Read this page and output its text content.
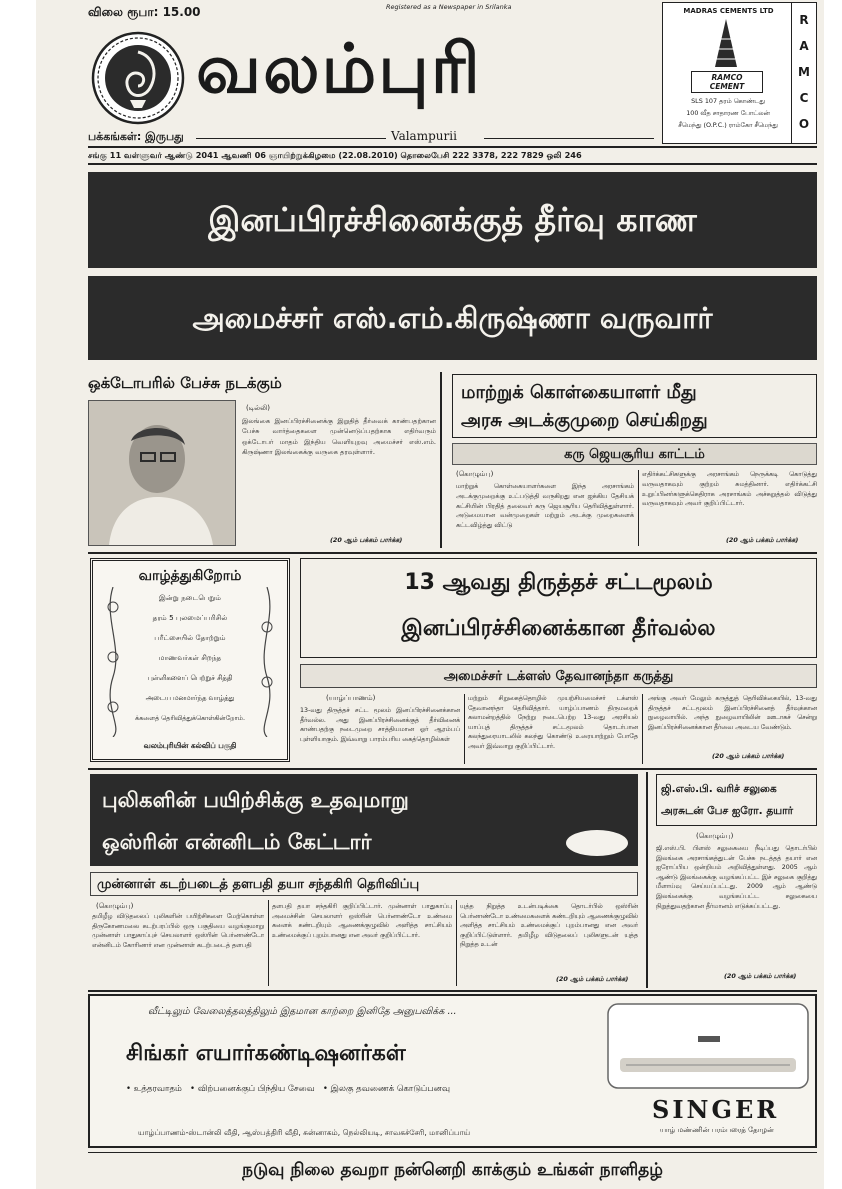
விலை ரூபா: 15.00	Registered as a Newspaper in Srilanka
வலம்புரி
பக்கங்கள்: இருபது	Valampurii
MADRAS CEMENTS LTD
RAMCO CEMENT
SLS 107 தரம் கொண்டது
100 வீத சாதாரண போட்லன்
சீமெந்து (O.P.C.) ராம்கோ சீமெந்து
R
A
M
C
O
சங்கு 11 வள்ளுவர் ஆண்டு 2041 ஆவணி 06 ஞாயிற்றுக்கிழமை (22.08.2010) தொலைபேசி 222 3378, 222 7829 ஒலி 246
இனப்பிரச்சினைக்குத் தீர்வு காண
அமைச்சர் எஸ்.எம்.கிருஷ்ணா வருவார்
ஒக்டோபரில் பேச்சு நடக்கும்
(டில்லி)
இலங்கை இனப்பிரச்சினைக்கு இறுதித் தீர்வைக் காண்பதற்கான பேச்சு வார்த்தைகளை முன்னெடுப்பதற்காக எதிர்வரும் ஒக்டோபர் மாதம் இந்திய வெளியுறவு அமைச்சர் எஸ்.எம். கிருஷ்ணா இலங்கைக்கு வருகை தரவுள்ளார்.
(20 ஆம் பக்கம் பார்க்க)
மாற்றுக் கொள்கையாளர் மீது
அரசு அடக்குமுறை செய்கிறது
கரு ஜெயசூரிய காட்டம்
(கொழும்பு)
மாற்றுக் கொள்கையாளர்களை இந்த அரசாங்கம் அடக்குமுறைக்கு உட்படுத்தி வருகிறது என ஐக்கிய தேசியக் கட்சியின் பிரதித் தலைவர் கரு ஜெயசூரிய தெரிவித்துள்ளார். அடுமையான வன்முறைகள் மற்றும் அடக்கு முறைகளைக் கட்டவிழ்த்து விட்டு
எதிர்க்கட்சிகளுக்கு அரசாங்கம் நெருக்கடி கொடுத்து வருவதாகவும் குற்றம் சுமத்தினார். எதிர்க்கட்சி உறுப்பினர்களுக்கெதிராக அரசாங்கம் அச்சுறுத்தல் விடுத்து வருவதாகவும் அவர் குறிப்பிட்டார்.
(20 ஆம் பக்கம் பார்க்க)
வாழ்த்துகிறோம்
இன்று நடைபெறும்
தரம் 5 புலமைப்பரிசில்
பரீட்சையில் தோற்றும்
மாணவர்கள் சிறந்த
புள்ளிகளைப் பெற்றுச் சித்தி
அடைய மனமார்ந்த வாழ்த்து
க்களைத் தெரிவித்துக்கொள்கின்றோம்.
வலம்புரியின் கல்விப் பகுதி
13 ஆவது திருத்தச் சட்டமூலம்
இனப்பிரச்சினைக்கான தீர்வல்ல
அமைச்சர் டக்ளஸ் தேவானந்தா கருத்து
(யாழ்ப்பாணம்)
13-வது திருத்தச் சட்ட மூலம் இனப்பிரச்சினைக்கான தீர்வல்ல. அது இனப்பிரச்சினைக்குத் தீர்வினைக் காண்பதற்கு நடைமுறை சாத்தியமான ஓர் ஆரம்பப் புள்ளியாகும். இவ்வாறு பாரம்பரிய கைத்தொழில்கள்
மற்றும் சிறுகைத்தொழில் முயற்சியமைச்சர் டக்ளஸ் தேவானந்தா தெரிவித்தார். யாழ்ப்பாணம் திருமறைக் கலாமன்றத்தில் நேற்று நடைபெற்ற 13-வது அரசியல் யாப்புத் திருத்தச் சட்டமூலம் தொடர்பான கலந்துரையாடலில் கலந்து கொண்டு உரையாற்றும் போதே அவர் இவ்வாறு குறிப்பிட்டார்.
அங்கு அவர் மேலும் கருத்துத் தெரிவிக்கையில், 13-வது திருத்தச் சட்டமூலம் இனப்பிரச்சினைத் தீர்வுக்கான நுழைவாயில். அந்த நுழைவாயிலின் ஊடாகச் சென்று இனப்பிரச்சினைக்கான தீர்வை அடைய வேண்டும்.
(20 ஆம் பக்கம் பார்க்க)
புலிகளின் பயிற்சிக்கு உதவுமாறு
ஒஸ்ரின் என்னிடம் கேட்டார்
முன்னாள் கடற்படைத் தளபதி தயா சந்தகிரி தெரிவிப்பு
(கொழும்பு)
தமிழீழ விடுதலைப் புலிகளின் பயிற்சிகளை மேற்கொள்ள திருகோணமலை கடற்பரப்பில் ஒரு பகுதியை வழங்குமாறு முன்னாள் பாதுகாப்புச் செயலாளர் ஒஸ்ரின் பெர்னாண்டோ என்னிடம் கோரினார் என முன்னாள் கடற்படைத் தளபதி
தளபதி தயா சந்தகிரி குறிப்பிட்டார். முன்னாள் பாதுகாப்பு அமைச்சின் செயலாளர் ஒஸ்ரின் பெர்னாண்டோ உண்மை களைக் கண்டறியும் ஆணைக்குழுவில் அளித்த சாட்சியம் உண்மைக்குப் புறம்பானது என அவர் குறிப்பிட்டார்.
யுத்த நிறுத்த உடன்படிக்கை தொடர்பில் ஒஸ்ரின் பெர்னாண்டோ உண்மைகளைக் கண்டறியும் ஆணைக்குழுவில் அளித்த சாட்சியம் உண்மைக்குப் புறம்பானது என அவர் குறிப்பிட்டுள்ளார். தமிழீழ விடுதலைப் புலிகளுடன் யுத்த நிறுத்த உடன்
(20 ஆம் பக்கம் பார்க்க)
ஜி.எஸ்.பி. வரிச் சலுகை
அரசுடன் பேச ஐரோ. தயார்
(கொழும்பு)
ஜி.எஸ்.பி. பிளஸ் சலுகையை நீடிப்பது தொடர்பில் இலங்கை அரசாங்கத்துடன் பேச்சு நடத்தத் தயார் என ஐரோப்பிய ஒன்றியம் அறிவித்துள்ளது. 2005 ஆம் ஆண்டு இலங்கைக்கு வழங்கப்பட்ட இச் சலுகை குறித்து மீளாய்வு செய்யப்பட்டது. 2009 ஆம் ஆண்டு இலங்கைக்கு வழங்கப்பட்ட சலுகையை நிறுத்துவதற்கான தீர்மானம் எடுக்கப்பட்டது.
(20 ஆம் பக்கம் பார்க்க)
வீட்டிலும் வேலைத்தலத்திலும் இதமான காற்றை இனிதே அனுபவிக்க ...
சிங்கர் எயார்கண்டிஷனர்கள்
• உத்தரவாதம்   • விற்பனைக்குப் பிந்திய சேவை   • இலகு தவணைக் கொடுப்பனவு
SINGER
யாழ் மண்ணின் பரம்பரைத் தோழன்
யாழ்ப்பாணம்-ஸ்டான்லி வீதி, ஆஸ்பத்திரி வீதி, சுன்னாகம், நெல்லியடி, சாவகச்சேரி, மானிப்பாய்
நடுவு நிலை தவறா நன்னெறி காக்கும் உங்கள் நாளிதழ்
